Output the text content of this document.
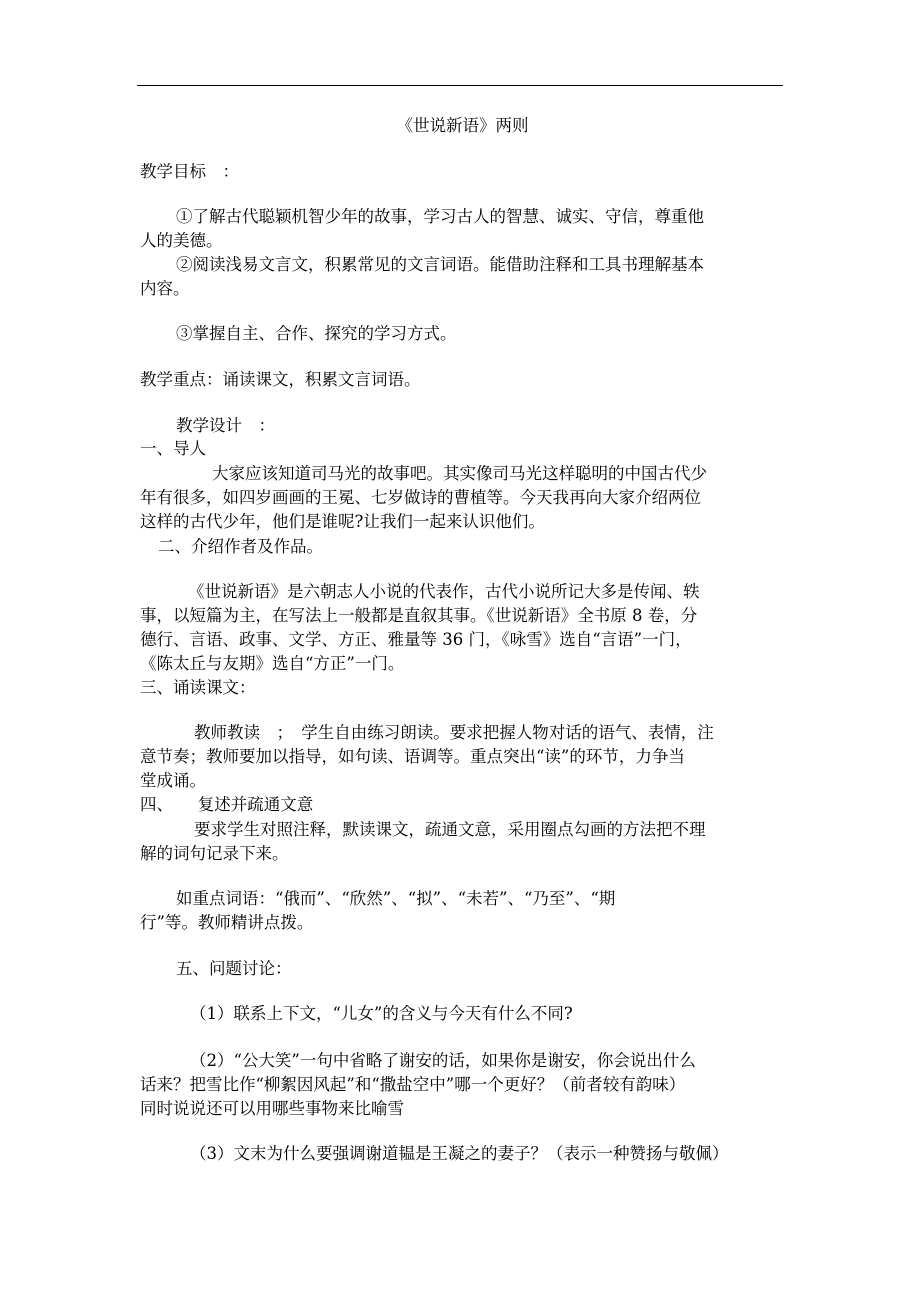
《世说新语》两则
教学目标　：
①了解古代聪颖机智少年的故事，学习古人的智慧、诚实、守信，尊重他
人的美德。
②阅读浅易文言文，积累常见的文言词语。能借助注释和工具书理解基本
内容。
③掌握自主、合作、探究的学习方式。
教学重点：诵读课文，积累文言词语。
教学设计　：
一、导人
大家应该知道司马光的故事吧。其实像司马光这样聪明的中国古代少
年有很多，如四岁画画的王冕、七岁做诗的曹植等。今天我再向大家介绍两位
这样的古代少年，他们是谁呢?让我们一起来认识他们。
二、介绍作者及作品。
《世说新语》是六朝志人小说的代表作，古代小说所记大多是传闻、轶
事，以短篇为主，在写法上一般都是直叙其事。《世说新语》全书原 8 卷，分
德行、言语、政事、文学、方正、雅量等 36 门，《咏雪》选自“言语”一门，
《陈太丘与友期》选自“方正”一门。
三、诵读课文：
教师教读　；　学生自由练习朗读。要求把握人物对话的语气、表情，注
意节奏；教师要加以指导，如句读、语调等。重点突出“读”的环节，力争当
堂成诵。
四、　　复述并疏通文意
要求学生对照注释，默读课文，疏通文意，采用圈点勾画的方法把不理
解的词句记录下来。
如重点词语：“俄而”、“欣然”、“拟”、“未若”、“乃至”、“期
行”等。教师精讲点拨。
五、问题讨论：
（1）联系上下文，“儿女”的含义与今天有什么不同?
（2）“公大笑”一句中省略了谢安的话，如果你是谢安，你会说出什么
话来？把雪比作“柳絮因风起”和“撒盐空中”哪一个更好？（前者较有韵味）
同时说说还可以用哪些事物来比喻雪
（3）文末为什么要强调谢道韫是王凝之的妻子？（表示一种赞扬与敬佩）
